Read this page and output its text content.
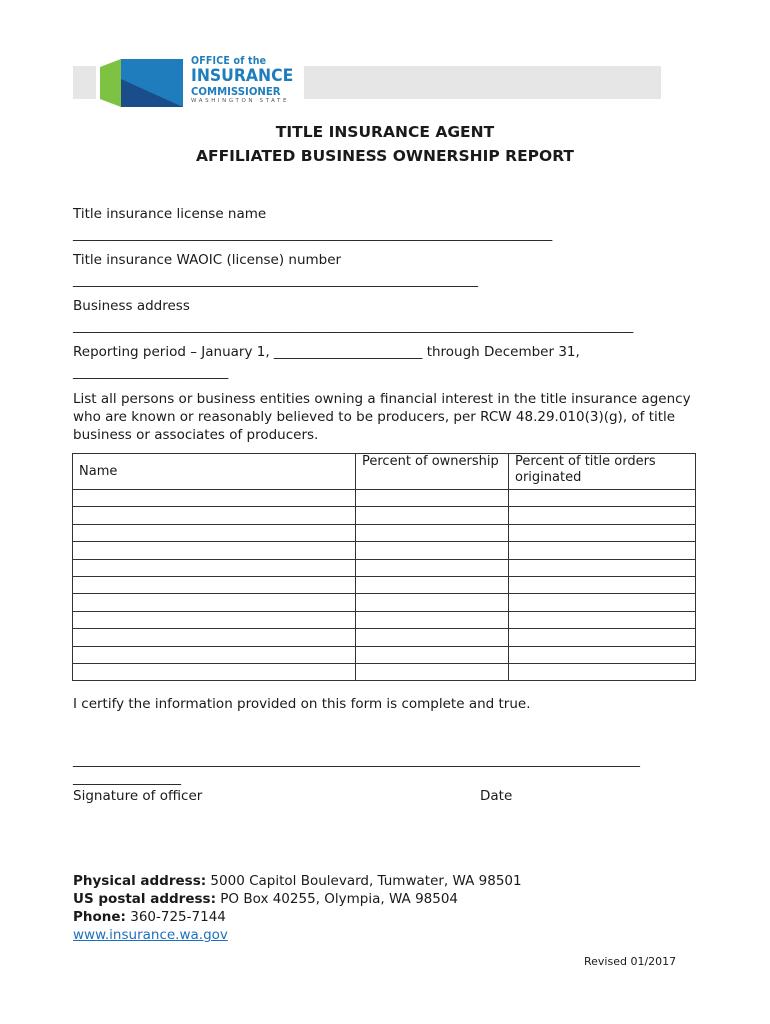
OFFICE of the
INSURANCE
COMMISSIONER
WASHINGTON STATE
TITLE INSURANCE AGENT
AFFILIATED BUSINESS OWNERSHIP REPORT
Title insurance license name
_______________________________________________________________________
Title insurance WAOIC (license) number
____________________________________________________________
Business address
___________________________________________________________________________________
Reporting period – January 1, ______________________ through December 31,
_______________________
List all persons or business entities owning a financial interest in the title insurance agency who are known or reasonably believed to be producers, per RCW 48.29.010(3)(g), of title business or associates of producers.
Name	Percent of ownership	Percent of title orders originated

I certify the information provided on this form is complete and true.
____________________________________________________________________________________
________________
Signature of officer	Date
Physical address: 5000 Capitol Boulevard, Tumwater, WA 98501
US postal address: PO Box 40255, Olympia, WA 98504
Phone: 360-725-7144
www.insurance.wa.gov
Revised 01/2017
